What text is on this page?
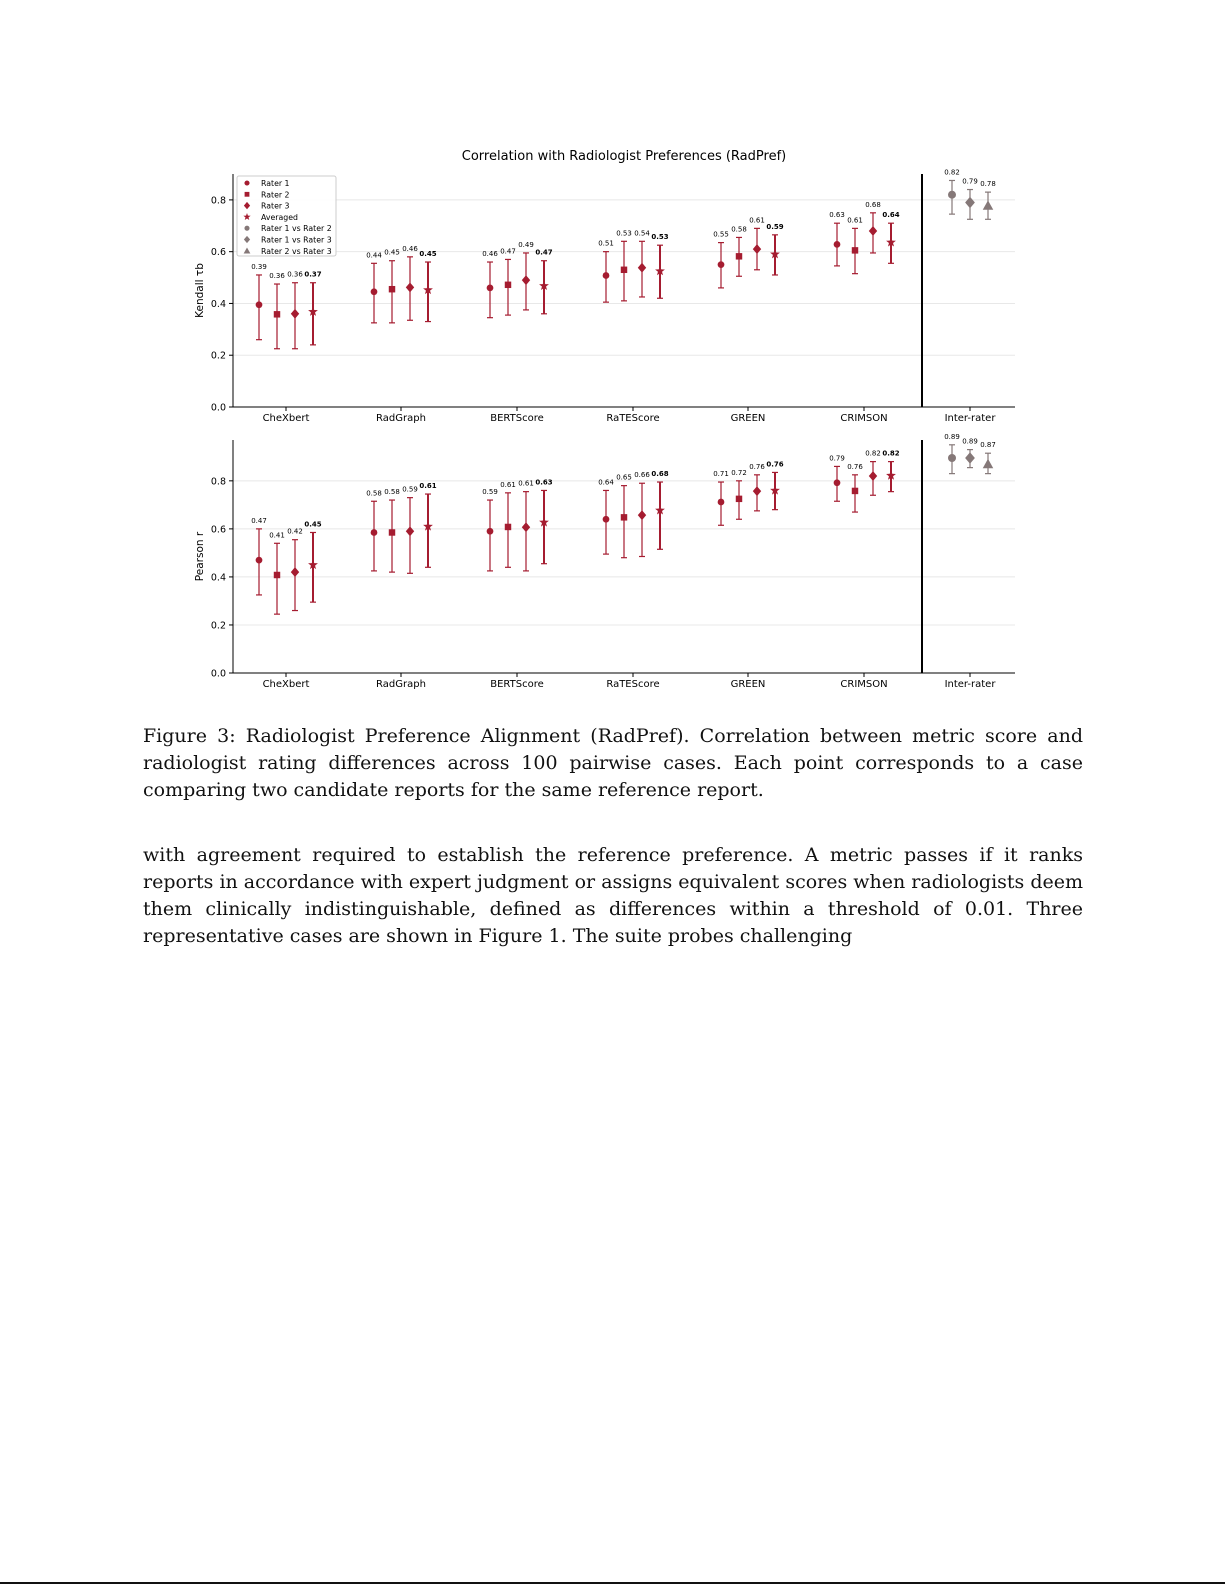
Correlation with Radiologist Preferences (RadPref)
0.0
0.2
0.4
0.6
0.8
Kendall τb
CheXbert	RadGraph	BERTScore	RaTEScore	GREEN	CRIMSON	Inter-rater
0.39
0.44	0.46
0.51
0.55
0.63
0.36
0.45	0.47
0.53	0.58
0.61
0.36
0.46	0.49
0.54
0.61
0.68
0.37
0.45	0.47
0.53
0.59
0.64
0.82
0.79 0.78
0.0
0.2
0.4
0.6
0.8
Pearson r
CheXbert	RadGraph	BERTScore	RaTEScore	GREEN	CRIMSON	Inter-rater
0.47
0.58	0.59
0.64
0.71
0.79
0.41
0.58
0.61
0.65
0.72
0.76
0.42
0.59
0.61
0.66
0.76
0.82
0.45
0.61	0.63
0.68
0.76
0.82
0.89
0.89 0.87
Rater 1
Rater 2
Rater 3
Averaged
Rater 1 vs Rater 2
Rater 1 vs Rater 3
Rater 2 vs Rater 3

Figure 3: Radiologist Preference Alignment (RadPref). Correlation between metric score and radiologist rating differences across 100 pairwise cases. Each point corresponds to a case comparing two candidate reports for the same reference report.

with agreement required to establish the reference preference. A metric passes if it ranks reports in accordance with expert judgment or assigns equivalent scores when radiologists deem them clinically indistinguishable, defined as differences within a threshold of 0.01. Three representative cases are shown in Figure 1. The suite probes challenging
